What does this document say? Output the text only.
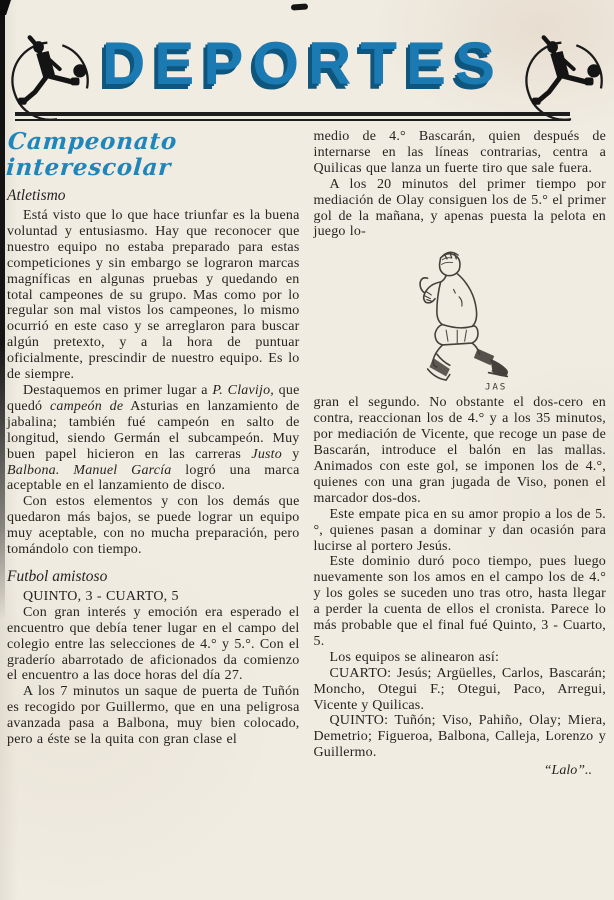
DEPORTES
Campeonato interescolar
Atletismo

Está visto que lo que hace triunfar es la buena voluntad y entusiasmo. Hay que reconocer que nuestro equipo no estaba preparado para estas competiciones y sin embargo se lograron marcas magníficas en algunas pruebas y quedando en total campeones de su grupo. Mas como por lo regular son mal vistos los campeones, lo mismo ocurrió en este caso y se arreglaron para buscar algún pretexto, y a la hora de puntuar oficialmente, prescindir de nuestro equipo. Es lo de siempre.

Destaquemos en primer lugar a P. Clavijo, que quedó campeón de Asturias en lanzamiento de jabalina; también fué campeón en salto de longitud, siendo Germán el subcampeón. Muy buen papel hicieron en las carreras Justo y Balbona. Manuel García logró una marca aceptable en el lanzamiento de disco.

Con estos elementos y con los demás que quedaron más bajos, se puede lograr un equipo muy aceptable, con no mucha preparación, pero tomándolo con tiempo.

Futbol amistoso

QUINTO, 3 - CUARTO, 5

Con gran interés y emoción era esperado el encuentro que debía tener lugar en el campo del colegio entre las selecciones de 4.° y 5.°. Con el graderío abarrotado de aficionados da comienzo el encuentro a las doce horas del día 27.

A los 7 minutos un saque de puerta de Tuñón es recogido por Guillermo, que en una peligrosa avanzada pasa a Balbona, muy bien colocado, pero a éste se la quita con gran clase el

medio de 4.° Bascarán, quien después de internarse en las líneas contrarias, centra a Quilicas que lanza un fuerte tiro que sale fuera.

A los 20 minutos del primer tiempo por mediación de Olay consiguen los de 5.° el primer gol de la mañana, y apenas puesta la pelota en juego lo-

JAS

gran el segundo. No obstante el dos-cero en contra, reaccionan los de 4.° y a los 35 minutos, por mediación de Vicente, que recoge un pase de Bascarán, introduce el balón en las mallas. Animados con este gol, se imponen los de 4.°, quienes con una gran jugada de Viso, ponen el marcador dos-dos.

Este empate pica en su amor propio a los de 5.°, quienes pasan a dominar y dan ocasión para lucirse al portero Jesús.

Este dominio duró poco tiempo, pues luego nuevamente son los amos en el campo los de 4.° y los goles se suceden uno tras otro, hasta llegar a perder la cuenta de ellos el cronista. Parece lo más probable que el final fué Quinto, 3 - Cuarto, 5.

Los equipos se alinearon así:

CUARTO: Jesús; Argüelles, Carlos, Bascarán; Moncho, Otegui F.; Otegui, Paco, Arregui, Vicente y Quilicas.

QUINTO: Tuñón; Viso, Pahiño, Olay; Miera, Demetrio; Figueroa, Balbona, Calleja, Lorenzo y Guillermo.

“Lalo”..
